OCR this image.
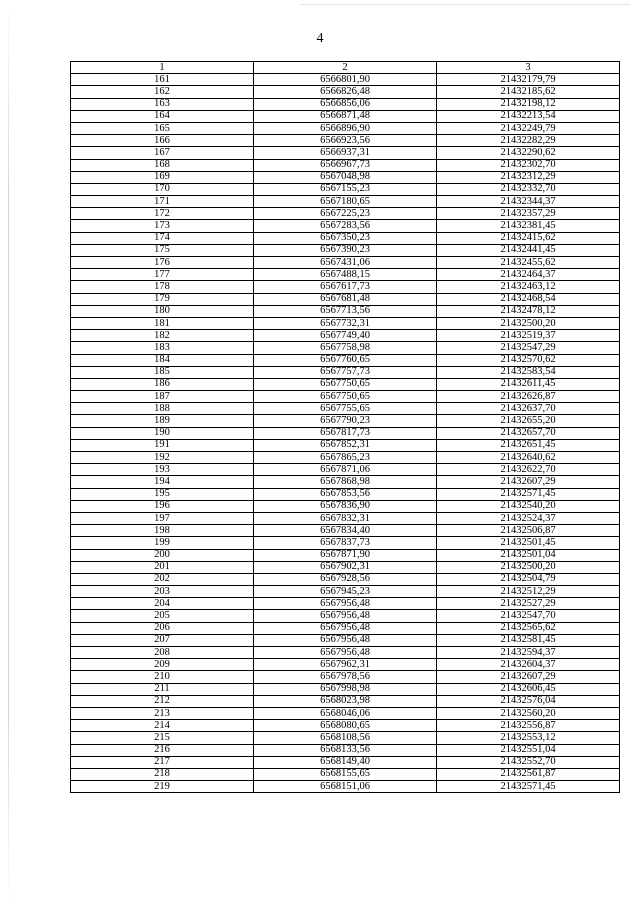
4
1	2	3
161	6566801,90	21432179,79
162	6566826,48	21432185,62
163	6566856,06	21432198,12
164	6566871,48	21432213,54
165	6566896,90	21432249,79
166	6566923,56	21432282,29
167	6566937,31	21432290,62
168	6566967,73	21432302,70
169	6567048,98	21432312,29
170	6567155,23	21432332,70
171	6567180,65	21432344,37
172	6567225,23	21432357,29
173	6567283,56	21432381,45
174	6567350,23	21432415,62
175	6567390,23	21432441,45
176	6567431,06	21432455,62
177	6567488,15	21432464,37
178	6567617,73	21432463,12
179	6567681,48	21432468,54
180	6567713,56	21432478,12
181	6567732,31	21432500,20
182	6567749,40	21432519,37
183	6567758,98	21432547,29
184	6567760,65	21432570,62
185	6567757,73	21432583,54
186	6567750,65	21432611,45
187	6567750,65	21432626,87
188	6567755,65	21432637,70
189	6567790,23	21432655,20
190	6567817,73	21432657,70
191	6567852,31	21432651,45
192	6567865,23	21432640,62
193	6567871,06	21432622,70
194	6567868,98	21432607,29
195	6567853,56	21432571,45
196	6567836,90	21432540,20
197	6567832,31	21432524,37
198	6567834,40	21432506,87
199	6567837,73	21432501,45
200	6567871,90	21432501,04
201	6567902,31	21432500,20
202	6567928,56	21432504,79
203	6567945,23	21432512,29
204	6567956,48	21432527,29
205	6567956,48	21432547,70
206	6567956,48	21432565,62
207	6567956,48	21432581,45
208	6567956,48	21432594,37
209	6567962,31	21432604,37
210	6567978,56	21432607,29
211	6567998,98	21432606,45
212	6568023,98	21432576,04
213	6568046,06	21432560,20
214	6568080,65	21432556,87
215	6568108,56	21432553,12
216	6568133,56	21432551,04
217	6568149,40	21432552,70
218	6568155,65	21432561,87
219	6568151,06	21432571,45
